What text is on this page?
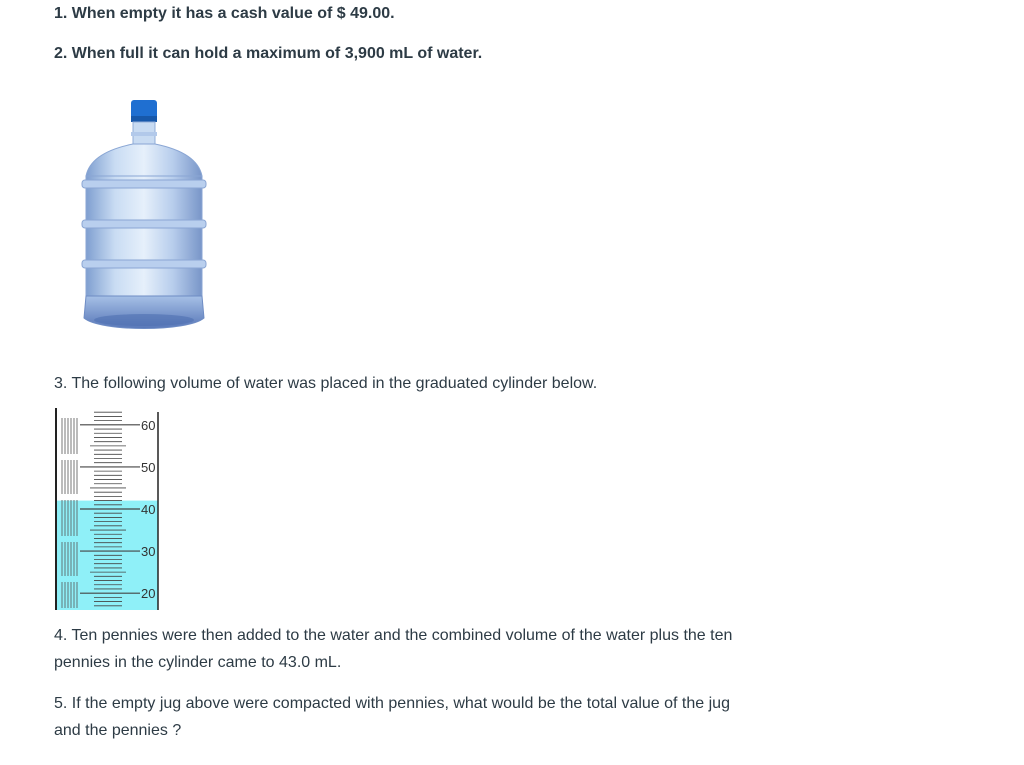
1. When empty it has a cash value of $ 49.00.
2. When full it can hold a maximum of 3,900 mL of water.
3. The following volume of water was placed in the graduated cylinder below.
60
50
40
30
20
4. Ten pennies were then added to the water and the combined volume of the water plus the ten pennies in the cylinder came to 43.0 mL.
5. If the empty jug above were compacted with pennies, what would be the total value of the jug and the pennies ?
